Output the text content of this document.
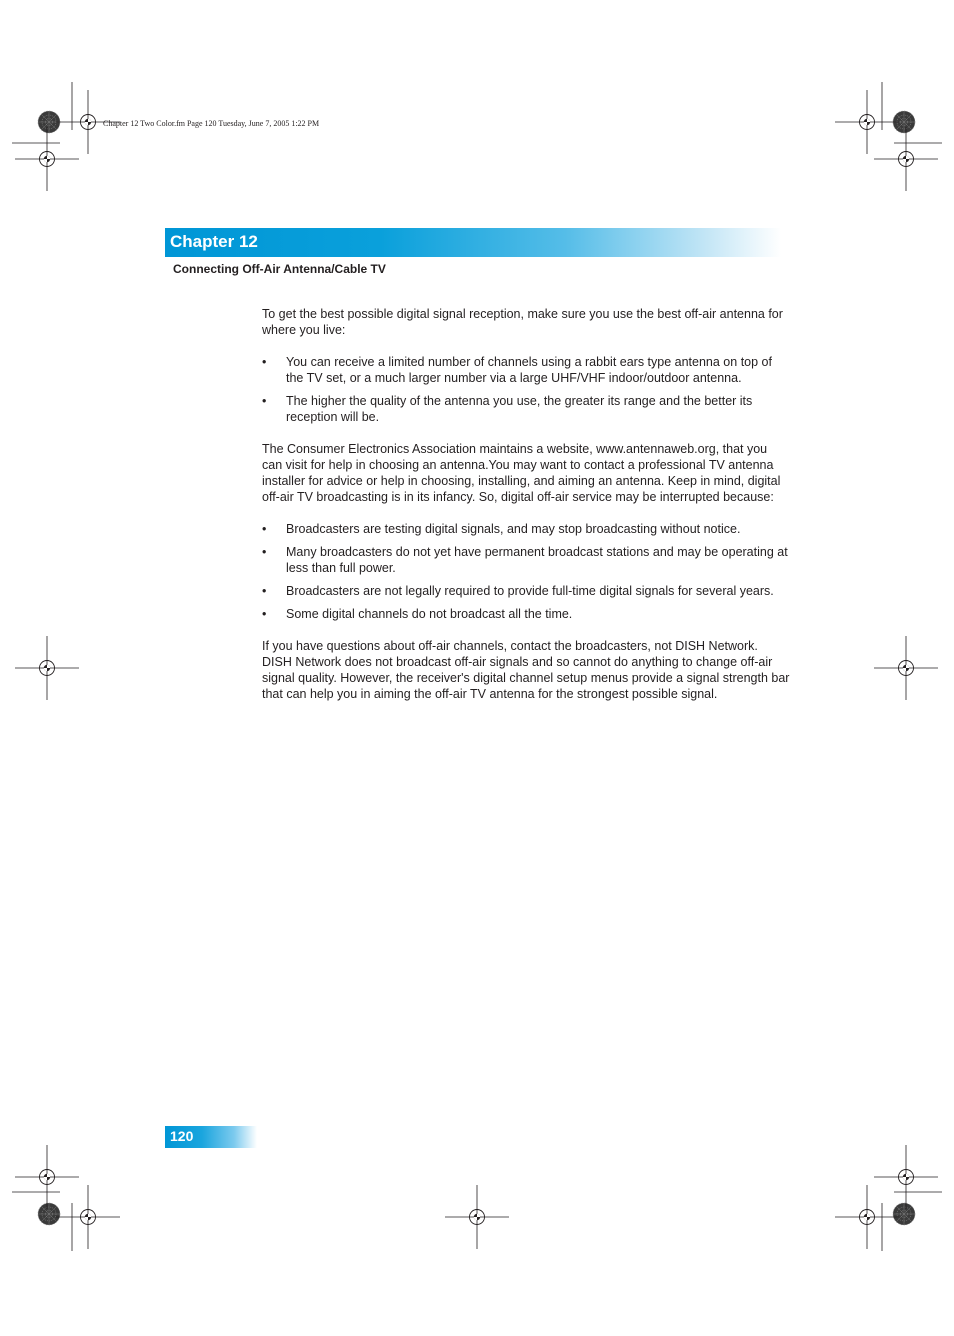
Chapter 12 Two Color.fm Page 120 Tuesday, June 7, 2005 1:22 PM
Chapter 12
Connecting Off-Air Antenna/Cable TV

To get the best possible digital signal reception, make sure you use the best off-air antenna for where you live:

• You can receive a limited number of channels using a rabbit ears type antenna on top of the TV set, or a much larger number via a large UHF/VHF indoor/outdoor antenna.
• The higher the quality of the antenna you use, the greater its range and the better its reception will be.

The Consumer Electronics Association maintains a website, www.antennaweb.org, that you can visit for help in choosing an antenna.You may want to contact a professional TV antenna installer for advice or help in choosing, installing, and aiming an antenna. Keep in mind, digital off-air TV broadcasting is in its infancy. So, digital off-air service may be interrupted because:

• Broadcasters are testing digital signals, and may stop broadcasting without notice.
• Many broadcasters do not yet have permanent broadcast stations and may be operating at less than full power.
• Broadcasters are not legally required to provide full-time digital signals for several years.
• Some digital channels do not broadcast all the time.

If you have questions about off-air channels, contact the broadcasters, not DISH Network. DISH Network does not broadcast off-air signals and so cannot do anything to change off-air signal quality. However, the receiver's digital channel setup menus provide a signal strength bar that can help you in aiming the off-air TV antenna for the strongest possible signal.

120
